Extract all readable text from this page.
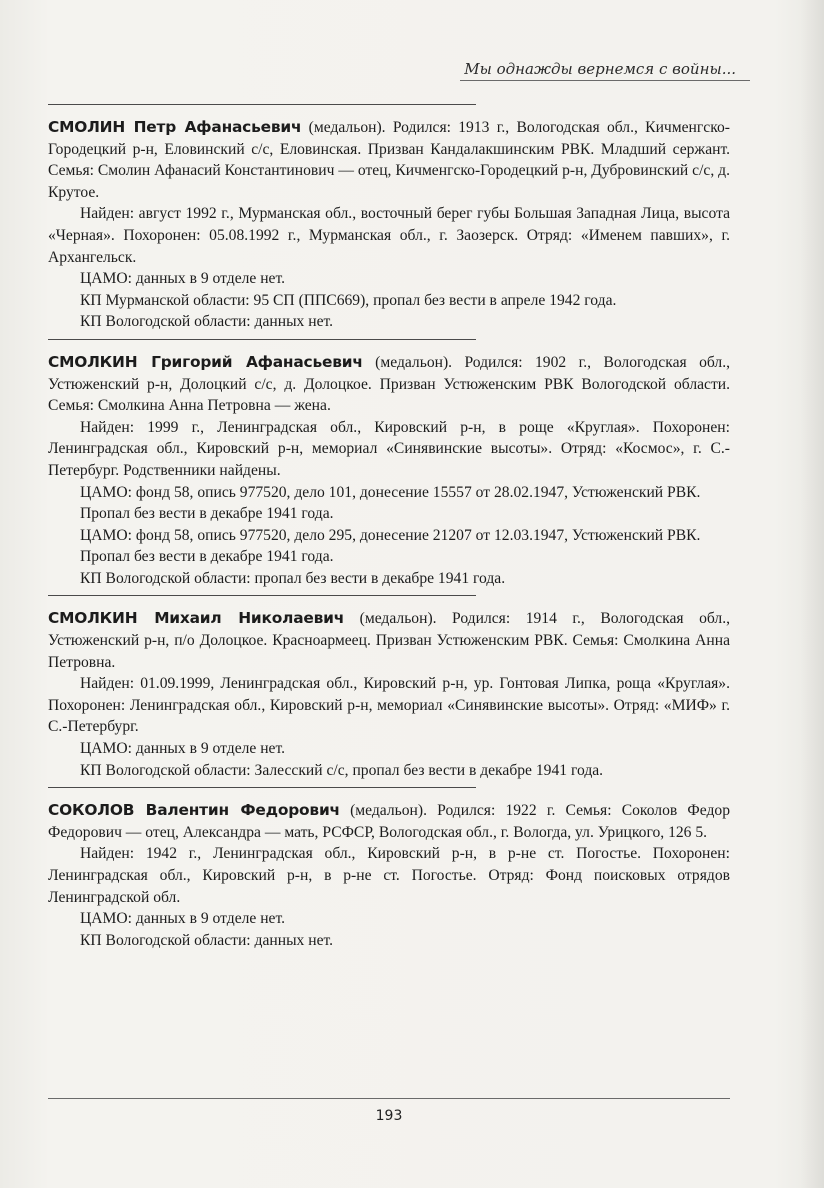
Мы однажды вернемся с войны...

СМОЛИН Петр Афанасьевич (медальон). Родился: 1913 г., Вологодская обл., Кичменгско-Городецкий р-н, Еловинский с/с, Еловинская. Призван Кандалакшинским РВК. Младший сержант. Семья: Смолин Афанасий Константинович — отец, Кичменгско-Городецкий р-н, Дубровинский с/с, д. Крутое.

Найден: август 1992 г., Мурманская обл., восточный берег губы Большая Западная Лица, высота «Черная». Похоронен: 05.08.1992 г., Мурманская обл., г. Заозерск. Отряд: «Именем павших», г. Архангельск.

ЦАМО: данных в 9 отделе нет.

КП Мурманской области: 95 СП (ППС669), пропал без вести в апреле 1942 года.

КП Вологодской области: данных нет.

СМОЛКИН Григорий Афанасьевич (медальон). Родился: 1902 г., Вологодская обл., Устюженский р-н, Долоцкий с/с, д. Долоцкое. Призван Устюженским РВК Вологодской области. Семья: Смолкина Анна Петровна — жена.

Найден: 1999 г., Ленинградская обл., Кировский р-н, в роще «Круглая». Похоронен: Ленинградская обл., Кировский р-н, мемориал «Синявинские высоты». Отряд: «Космос», г. С.-Петербург. Родственники найдены.

ЦАМО: фонд 58, опись 977520, дело 101, донесение 15557 от 28.02.1947, Устюженский РВК.

Пропал без вести в декабре 1941 года.

ЦАМО: фонд 58, опись 977520, дело 295, донесение 21207 от 12.03.1947, Устюженский РВК.

Пропал без вести в декабре 1941 года.

КП Вологодской области: пропал без вести в декабре 1941 года.

СМОЛКИН Михаил Николаевич (медальон). Родился: 1914 г., Вологодская обл., Устюженский р-н, п/о Долоцкое. Красноармеец. Призван Устюженским РВК. Семья: Смолкина Анна Петровна.

Найден: 01.09.1999, Ленинградская обл., Кировский р-н, ур. Гонтовая Липка, роща «Круглая». Похоронен: Ленинградская обл., Кировский р-н, мемориал «Синявинские высоты». Отряд: «МИФ» г. С.-Петербург.

ЦАМО: данных в 9 отделе нет.

КП Вологодской области: Залесский с/с, пропал без вести в декабре 1941 года.

СОКОЛОВ Валентин Федорович (медальон). Родился: 1922 г. Семья: Соколов Федор Федорович — отец, Александра — мать, РСФСР, Вологодская обл., г. Вологда, ул. Урицкого, 126 5.

Найден: 1942 г., Ленинградская обл., Кировский р-н, в р-не ст. Погостье. Похоронен: Ленинградская обл., Кировский р-н, в р-не ст. Погостье. Отряд: Фонд поисковых отрядов Ленинградской обл.

ЦАМО: данных в 9 отделе нет.

КП Вологодской области: данных нет.

193
